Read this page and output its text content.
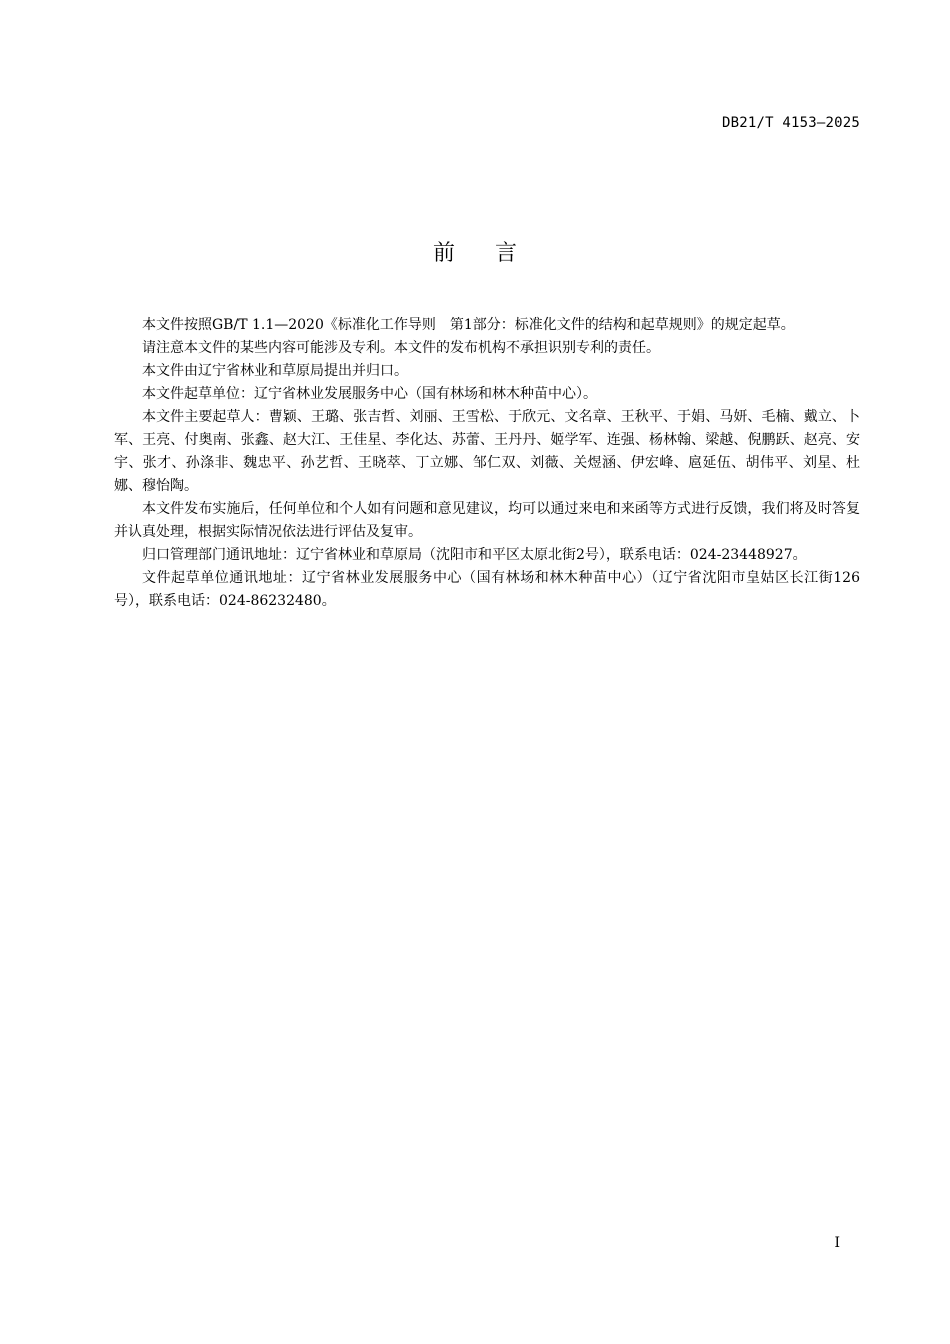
DB21/T 4153—2025
前言

本文件按照GB/T 1.1—2020《标准化工作导则　第1部分：标准化文件的结构和起草规则》的规定起草。

请注意本文件的某些内容可能涉及专利。本文件的发布机构不承担识别专利的责任。

本文件由辽宁省林业和草原局提出并归口。

本文件起草单位：辽宁省林业发展服务中心（国有林场和林木种苗中心）。

本文件主要起草人：曹颖、王璐、张吉哲、刘丽、王雪松、于欣元、文名章、王秋平、于娟、马妍、毛楠、戴立、卜军、王亮、付奥南、张鑫、赵大江、王佳星、李化达、苏蕾、王丹丹、姬学军、连强、杨林翰、梁越、倪鹏跃、赵亮、安宇、张才、孙涤非、魏忠平、孙艺哲、王晓萃、丁立娜、邹仁双、刘薇、关煜涵、伊宏峰、扈延伍、胡伟平、刘星、杜娜、穆怡陶。

本文件发布实施后，任何单位和个人如有问题和意见建议，均可以通过来电和来函等方式进行反馈，我们将及时答复并认真处理，根据实际情况依法进行评估及复审。

归口管理部门通讯地址：辽宁省林业和草原局（沈阳市和平区太原北街2号），联系电话：024-23448927。

文件起草单位通讯地址：辽宁省林业发展服务中心（国有林场和林木种苗中心）（辽宁省沈阳市皇姑区长江街126号），联系电话：024-86232480。

I
